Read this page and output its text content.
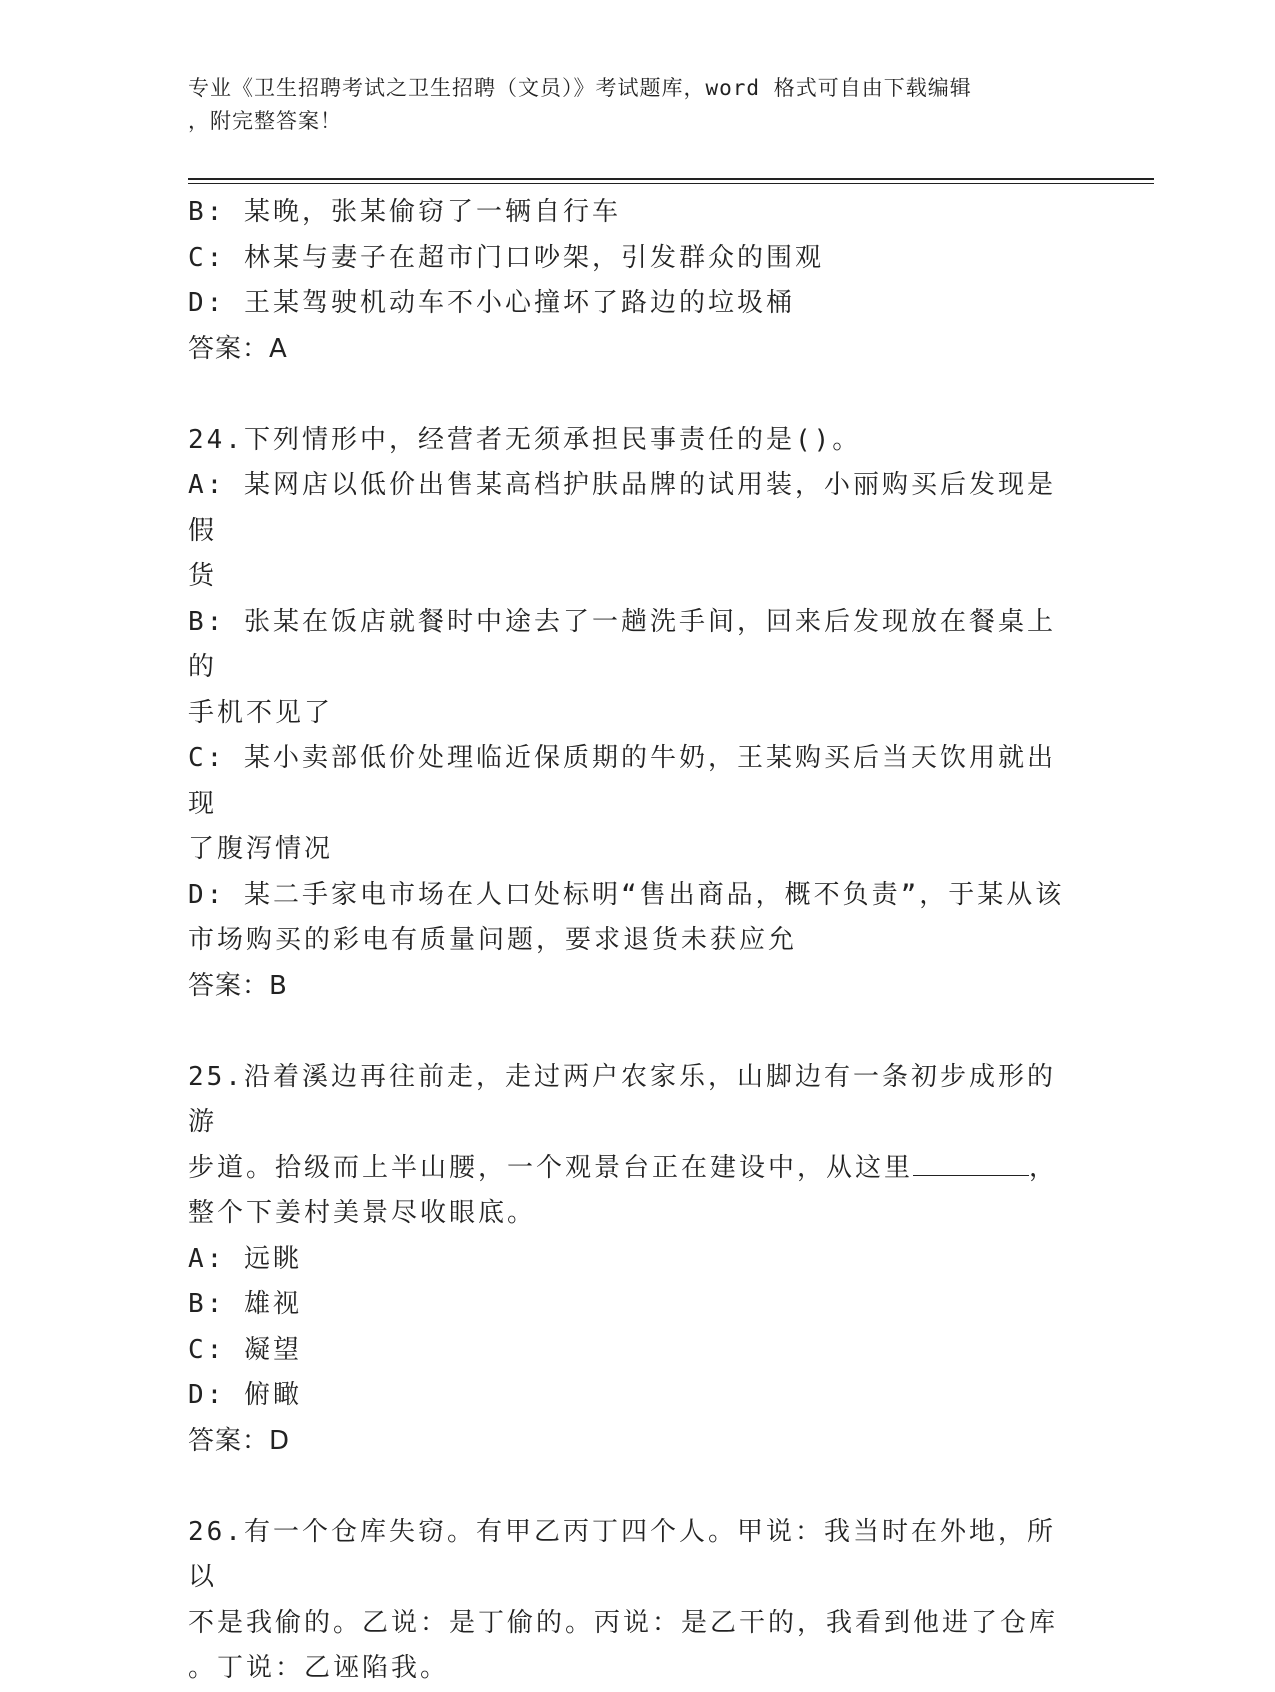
专业《卫生招聘考试之卫生招聘（文员）》考试题库，word 格式可自由下载编辑
，附完整答案！

B: 某晚，张某偷窃了一辆自行车

C: 林某与妻子在超市门口吵架，引发群众的围观

D: 王某驾驶机动车不小心撞坏了路边的垃圾桶

答案：A

24.下列情形中，经营者无须承担民事责任的是()。

A: 某网店以低价出售某高档护肤品牌的试用装，小丽购买后发现是假

货

B: 张某在饭店就餐时中途去了一趟洗手间，回来后发现放在餐桌上的

手机不见了

C: 某小卖部低价处理临近保质期的牛奶，王某购买后当天饮用就出现

了腹泻情况

D: 某二手家电市场在人口处标明“售出商品，概不负责”，于某从该

市场购买的彩电有质量问题，要求退货未获应允

答案：B

25.沿着溪边再往前走，走过两户农家乐，山脚边有一条初步成形的游

步道。拾级而上半山腰，一个观景台正在建设中，从这里	，

整个下姜村美景尽收眼底。

A: 远眺

B: 雄视

C: 凝望

D: 俯瞰

答案：D

26.有一个仓库失窃。有甲乙丙丁四个人。甲说：我当时在外地，所以

不是我偷的。乙说：是丁偷的。丙说：是乙干的，我看到他进了仓库

。丁说：乙诬陷我。
